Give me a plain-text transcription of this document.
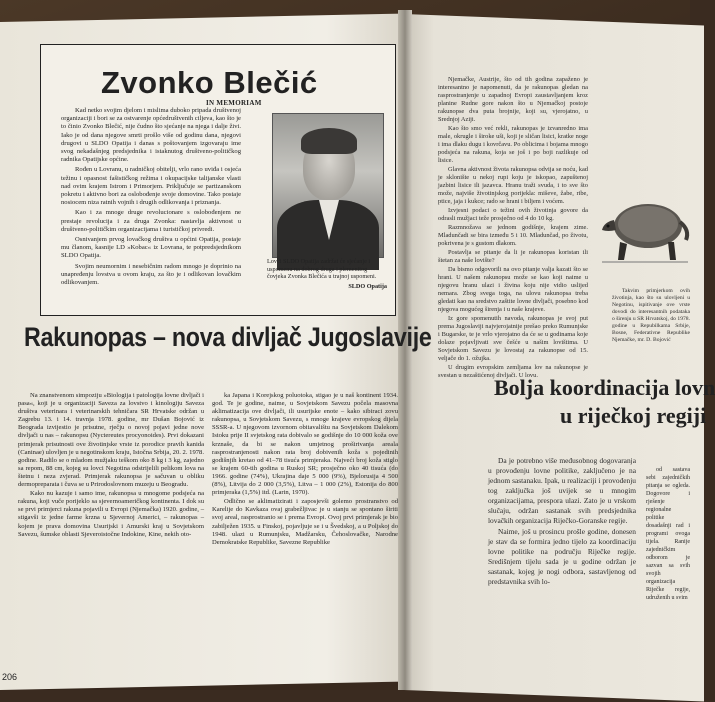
Zvonko Blečić
IN MEMORIAM

Kad netko svojim djelom i mislima duboko pripada društvenoj organizaciji i bori se za ostvarenje općedruštvenih ciljeva, kao što je to činio Zvonko Blečić, nije čudno što sjećanje na njega i dalje živi. Iako je od dana njegove smrti prošlo više od godinu dana, njegovi drugovi u SLDO Opatija i danas s poštovanjem izgovaraju ime svog nekadašnjeg predsjednika i istaknutog društveno-političkog radnika Opatijske općine.

Rođen u Lovranu, u radničkoj obitelji, vrlo rano uviđa i osjeća težinu i opasnost fašističkog režima i okupacijske talijanske vlasti nad ovim krajem Istrom i Primorjem. Priključuje se partizanskom pokretu i aktivno bori za oslobođenje svoje domovine. Tako postaje nosiocem niza ratnih vojnih i drugih odlikovanja i priznanja.

Kao i za mnoge druge revolucionare s oslobođenjem ne prestaje revolucija i za druga Zvonka: nastavlja aktivnost u društveno-političkim organizacijama i turističkoj privredi.

Osnivanjem prvog lovačkog društva u općini Opatija, postaje mu članom, kasnije LD »Kobac« iz Lovrana, te potpredsjednikom SLDO Opatija.

Svojim neumornim i nesebičnim radom mnogo je doprinio na unapređenju lovstva u ovom kraju, za što je i odlikovan lovačkim odlikovanjem.

Lovci SLDO Opatija zadržat će sjećanje i uspomenu na dobrog druga i plemenitog čovjeka Zvonka Blečića u trajnoj uspomeni.
SLDO Opatija
Rakunopas – nova divljač Jugoslavije

Na znanstvenom simpoziju »Biologija i patologija lovne divljači i pasa«, koji je u organizaciji Saveza za lovstvo i kinologiju Saveza društva veterinara i veterinarskih tehničara SR Hrvatske održan u Zagrebu 13. i 14. travnja 1978. godine, mr Dušan Bojović iz Beograda izvijestio je prisutne, rječju o novoj pojavi jedne nove divljači u nas – rakunopsu (Nyctereutes procyonoides). Prvi dokazani primjerak prisutnosti ove životinjske vrste iz porodice pravih kanida (Caninae) ulovljen je u negotinskom kraju, Istočna Srbija, 20. 2. 1978. godine. Radilo se o mladom mužjaku teškom oko 8 kg i 3 kg, zajedno sa repom, 88 cm, kojeg su lovci Negotina odstrijelili pelikom lova na štetnu i neza zvjerad. Primjerak rakunopsa je sačuvan u obliku dermopreparata i čuva se u Prirodoslovnom muzeju u Beogradu.

Kako nu kazuje i samo ime, rakunopsa u mnogome podsjeća na rakuna, koji vuče porijeklo sa sjevernoameričkog kontinenta. I dok su se prvi primjerci rakuna pojavili u Evropi (Njemačka) 1920. godine, – stigavši iz jedne farme krzna u Sjevernoj Americi, – rakunopas – kojem je prava domovina Usurijski i Amurski kraj u Sovjetskom Savezu, šumske oblasti Sjeveroistočne Indokine, Kine, nekih oto-

ka Japana i Korejskog poluotoka, stigao je u naš kontinent 1934. god. Te je godine, naime, u Sovjetskom Savezu počela masovna aklimatizacija ove divljači, ili usurijske enote – kako sibiraci zovu rakunopsa, u Sovjetskom Savezu, s mnoge krajeve evropskog dijela SSSR-a. U njegovom izvornom obitavalištu na Sovjetskom Dalekom Istoku prije II svjetskog rata dobivalo se godišnje do 10 000 koža ove krznaše, da bi se nakon umjetnog proširivanja areala rasprostranjenosti nakon rata broj dobivenih koža s pojedinih godišnjih kretao od 41–78 tisuća primjeraka. Najveći broj koža stiglo se krajem 60-tih godina u Ruskoj SR; prosječno oko 40 tisuća (do 1966. godine (74%), Ukrajina daje 5 000 (9%), Bjelorusija 4 500 (8%), Litvija do 2 000 (3,5%), Litva – 1 000 (2%), Estonija do 800 primjeraka (1,5%) itd. (Larin, 1970).

Odlično se aklimatizirati i zaposjevši golemo prostranstvo od Karelije do Kavkaza ovaj grabežljivac je u stanju se spontano širiti svoj areal, rasprostranio se i prema Evropi. Ovoj prvi primjerak je bio zabilježen 1935. u Finskoj, pojavljuje se i u Švedskoj, a u Poljskoj do 1948. ulazi u Rumunjsku, Madžarsku, Čehoslovačke, Narodne Demokratske Republike, Savezne Republike

206

Njemačke, Austrije, što od tih godina zapaženo je interesantno je napomenuti, da je rakunopas gledan na rasprostranjenje u zapadnoj Evropi zaustavljanjem kroz planine Rudne gore nakon što u Njemačkoj postoje rakunopse dva puta brojnije, koji su, vjerojatno, u Srednjoj Aziji.

Kao što smo već rekli, rakunopas je izvanredno ima male, okrugle i široke uši, koji je sličan lisici, kratke noge i ima dlaku dugu i kovrčavu. Po oblicima i bojama mnogo podsjeća na rakuna, koja se još i po boji razlikuje od lisice.

Glavna aktivnost života rakunopsa odvija se noću, kad je sklonište u nekoj rupi koju je iskopao, zapuštenoj jazbini lisice ili jazavca. Hranu traži svuda, i to sve što može, najviše životinjskog porijekla: miševe, žabe, ribe, ptice, jaja i kukce; rado se hrani i biljem i voćem.

Izvjesni podaci o težini ovih životinja govore da odrasli mužjaci teže prosječno od 4 do 10 kg.

Razmnožava se jednom godišnje, krajem zime. Mladunčadi se bira između 5 i 10. Mladunčad, po životu, pokrivena je s gustom dlakom.

Postavlja se pitanje da li je rakunopas koristan ili štetan za naše lovište?

Da bismo odgovorili na ovo pitanje valja kazati što se hrani. U našem rakunopsu može se kao koji naime u njegovu hranu ulazi i živina koju nije vidio uslijed nemara. Zbog svega toga, na ulovu rakunopsa treba gledati kao na sredstvo zaštite lovne divljači, posebno kod njegova mogućeg širenja i u naše krajeve.

Iz gore spomenutih navoda, rakunopas je svoj put prema Jugoslaviji najvjerojatnije prešao preko Rumunjske i Bugarske, te je vrlo vjerojatno da će se u godinama koje dolaze pojavljivati sve češće u našim lovištima. U Sovjetskom Savezu je lovostaj za rakunopse od 15. veljače do 1. ožujka.

U drugim evropskim zemljama lov na rakunopse je svestan u nezaštićenoj divljači. U lovu.

Takvim primjerkom ovih životinja, kao što su ulovljeni u Negotinu, ispitivanje ove vrste dovodi do interesantnih podataka o širenju u SR Hrvatskoj, do 1978. godine u Repubilkama Srbije, Bosne, Federativne Republike Njemačke, mr. D. Bojović

Bolja koordinacija lovn
u riječkoj regiji

Da je potrebno više međusobnog dogovaranja u provođenju lovne politike, zaključeno je na jednom sastanaku. Ipak, u realizaciji i provođenju tog zaključka još uvijek se u mnogim organizacijama, prespora ulazi. Zato je u vrskom slučaju, održan sastanak svih predsjednika lovačkih organizacija Riječko-Goranske regije.

Naime, još u prosincu prošle godine, donesen je stav da se formira jedno tijelo za koordinaciju lovne politike na području Riječke regije. Središnjem tijelu sada je u godine održan je sastanak, kojeg je nogi odbora, sastavljenog od predstavnika svih lo-

od sastava sebi zajedničkih pitanja se ogleda. Dogovore i rješenje regionalne politike dosadašnji rad i programi ovoga tijela. Ranije zajedničkim odborom je sazvan sa svih svojih organizacija Riječke regije, udruženih u svim
